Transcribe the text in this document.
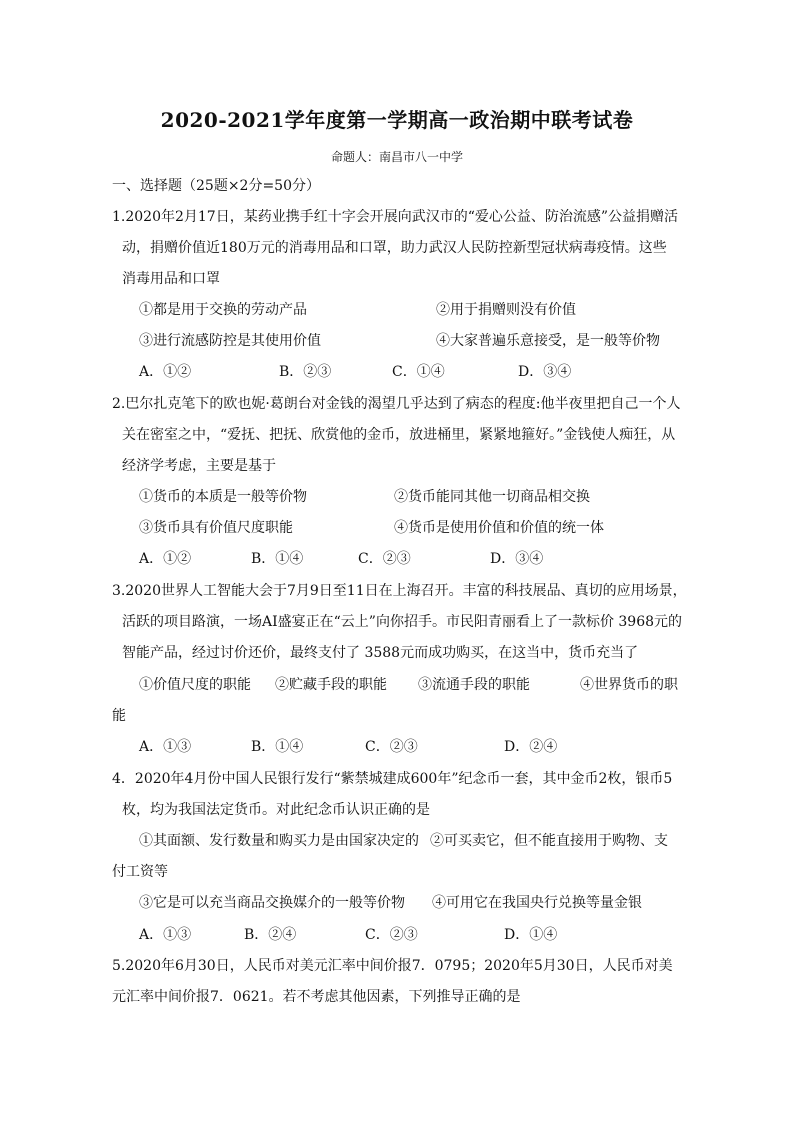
2020-2021学年度第一学期高一政治期中联考试卷
命题人：南昌市八一中学
一、选择题（25题×2分=50分）
1.2020年2月17日，某药业携手红十字会开展向武汉市的“爱心公益、防治流感”公益捐赠活
动，捐赠价值近180万元的消毒用品和口罩，助力武汉人民防控新型冠状病毒疫情。这些
消毒用品和口罩
①都是用于交换的劳动产品	②用于捐赠则没有价值
③进行流感防控是其使用价值	④大家普遍乐意接受，是一般等价物
A．①②	B．②③	C．①④	D．③④
2.巴尔扎克笔下的欧也妮·葛朗台对金钱的渴望几乎达到了病态的程度:他半夜里把自己一个人
关在密室之中，“爱抚、把抚、欣赏他的金币，放进桶里，紧紧地箍好。”金钱使人痴狂，从
经济学考虑，主要是基于
①货币的本质是一般等价物	②货币能同其他一切商品相交换
③货币具有价值尺度职能	④货币是使用价值和价值的统一体
A．①②	B．①④	C．②③	D．③④
3.2020世界人工智能大会于7月9日至11日在上海召开。丰富的科技展品、真切的应用场景，
活跃的项目路演，一场AI盛宴正在“云上”向你招手。市民阳青丽看上了一款标价 3968元的
智能产品，经过讨价还价，最终支付了 3588元而成功购买，在这当中，货币充当了
①价值尺度的职能 ②贮藏手段的职能 ③流通手段的职能	④世界货币的职
能
A．①③	B．①④	C．②③	D．②④
4．2020年4月份中国人民银行发行“紫禁城建成600年”纪念币一套，其中金币2枚，银币5
枚，均为我国法定货币。对此纪念币认识正确的是
①其面额、发行数量和购买力是由国家决定的 ②可买卖它，但不能直接用于购物、支
付工资等
③它是可以充当商品交换媒介的一般等价物 ④可用它在我国央行兑换等量金银
A．①③	B．②④	C．②③	D．①④
5.2020年6月30日，人民币对美元汇率中间价报7．0795；2020年5月30日，人民币对美
元汇率中间价报7．0621。若不考虑其他因素，下列推导正确的是
